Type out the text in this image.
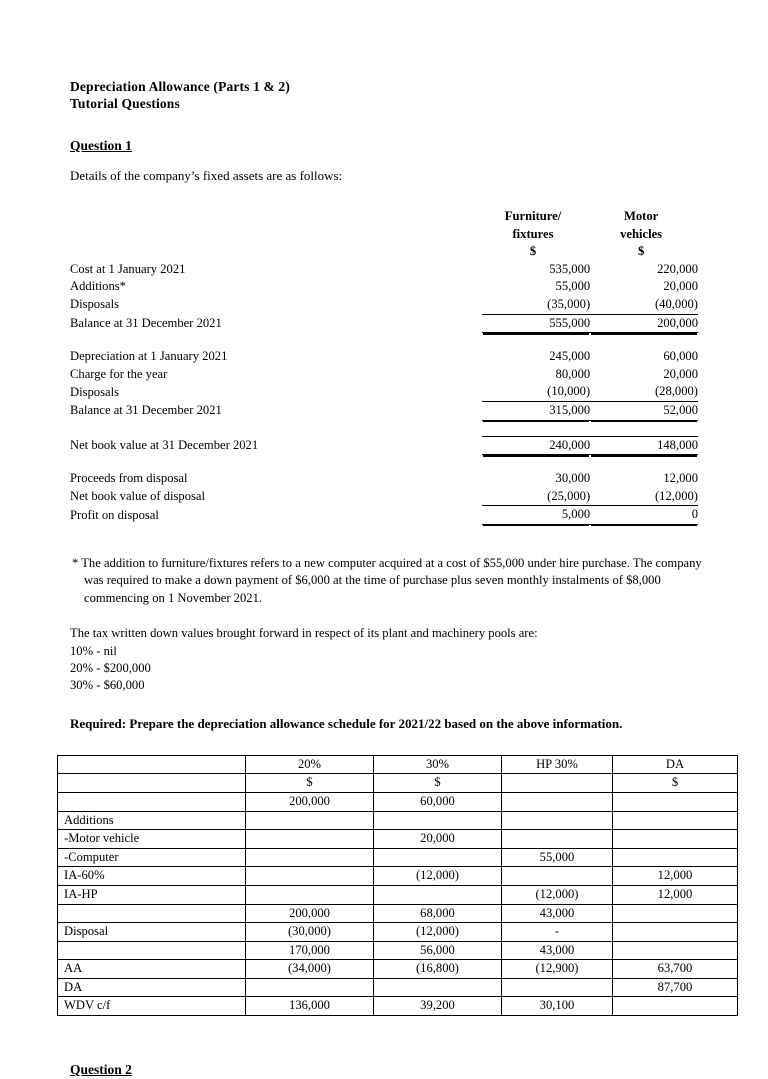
Depreciation Allowance (Parts 1 & 2)
Tutorial Questions
Question 1
Details of the company’s fixed assets are as follows:
	Furniture/	Motor
	fixtures	vehicles
	$	$
Cost at 1 January 2021	535,000	220,000
Additions*	55,000	20,000
Disposals	(35,000)	(40,000)
Balance at 31 December 2021	555,000	200,000

Depreciation at 1 January 2021	245,000	60,000
Charge for the year	80,000	20,000
Disposals	(10,000)	(28,000)
Balance at 31 December 2021	315,000	52,000

Net book value at 31 December 2021	240,000	148,000

Proceeds from disposal	30,000	12,000
Net book value of disposal	(25,000)	(12,000)
Profit on disposal	5,000	0
* The addition to furniture/fixtures refers to a new computer acquired at a cost of $55,000 under hire purchase. The company was required to make a down payment of $6,000 at the time of purchase plus seven monthly instalments of $8,000 commencing on 1 November 2021.
The tax written down values brought forward in respect of its plant and machinery pools are:
10% - nil
20% - $200,000
30% - $60,000
Required: Prepare the depreciation allowance schedule for 2021/22 based on the above information.
	20%	30%	HP 30%	DA
	$	$		$
	200,000	60,000		
Additions				
-Motor vehicle		20,000		
-Computer			55,000	
IA-60%		(12,000)		12,000
IA-HP			(12,000)	12,000
	200,000	68,000	43,000	
Disposal	(30,000)	(12,000)	-	
	170,000	56,000	43,000	
AA	(34,000)	(16,800)	(12,900)	63,700
DA				87,700
WDV c/f	136,000	39,200	30,100	
Question 2
